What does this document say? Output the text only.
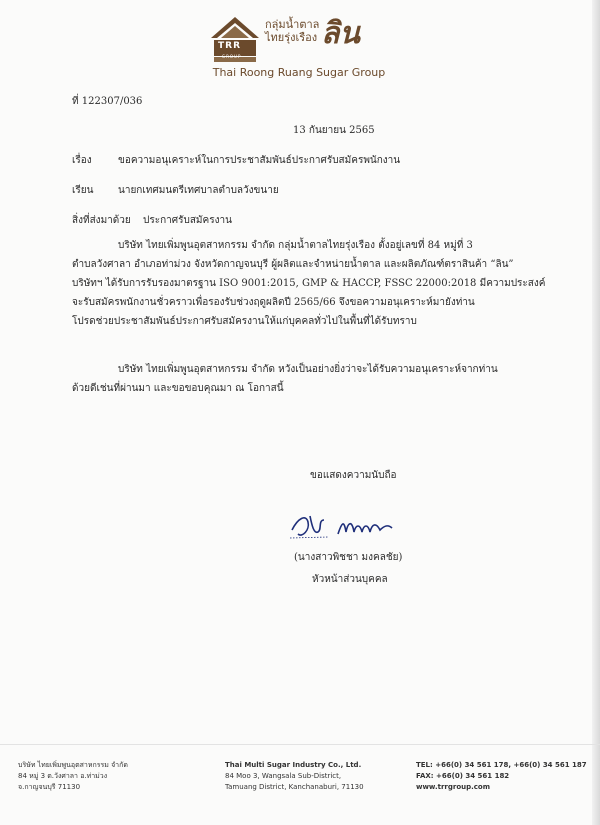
TRR
GROUP
กลุ่มน้ำตาล
ไทยรุ่งเรือง ลิน
Thai Roong Ruang Sugar Group
ที่ 122307/036
13 กันยายน 2565
เรื่อง	ขอความอนุเคราะห์ในการประชาสัมพันธ์ประกาศรับสมัครพนักงาน
เรียน นายกเทศมนตรีเทศบาลตำบลวังขนาย
สิ่งที่ส่งมาด้วย ประกาศรับสมัครงาน
บริษัท ไทยเพิ่มพูนอุตสาหกรรม จำกัด กลุ่มน้ำตาลไทยรุ่งเรือง ตั้งอยู่เลขที่ 84 หมู่ที่ 3
ตำบลวังศาลา อำเภอท่าม่วง จังหวัดกาญจนบุรี ผู้ผลิตและจำหน่ายน้ำตาล และผลิตภัณฑ์ตราสินค้า “ลิน”
บริษัทฯ ได้รับการรับรองมาตรฐาน ISO 9001:2015, GMP & HACCP, FSSC 22000:2018 มีความประสงค์
จะรับสมัครพนักงานชั่วคราวเพื่อรองรับช่วงฤดูผลิตปี 2565/66 จึงขอความอนุเคราะห์มายังท่าน
โปรดช่วยประชาสัมพันธ์ประกาศรับสมัครงานให้แก่บุคคลทั่วไปในพื้นที่ได้รับทราบ
บริษัท ไทยเพิ่มพูนอุตสาหกรรม จำกัด หวังเป็นอย่างยิ่งว่าจะได้รับความอนุเคราะห์จากท่าน
ด้วยดีเช่นที่ผ่านมา และขอขอบคุณมา ณ โอกาสนี้
ขอแสดงความนับถือ
(นางสาวพิชชา มงคลชัย)
หัวหน้าส่วนบุคคล
บริษัท ไทยเพิ่มพูนอุตสาหกรรม จำกัด
84 หมู่ 3 ต.วังศาลา อ.ท่าม่วง
จ.กาญจนบุรี 71130
Thai Multi Sugar Industry Co., Ltd.
84 Moo 3, Wangsala Sub-District,
Tamuang District, Kanchanaburi, 71130
TEL: +66(0) 34 561 178, +66(0) 34 561 187
FAX: +66(0) 34 561 182
www.trrgroup.com
